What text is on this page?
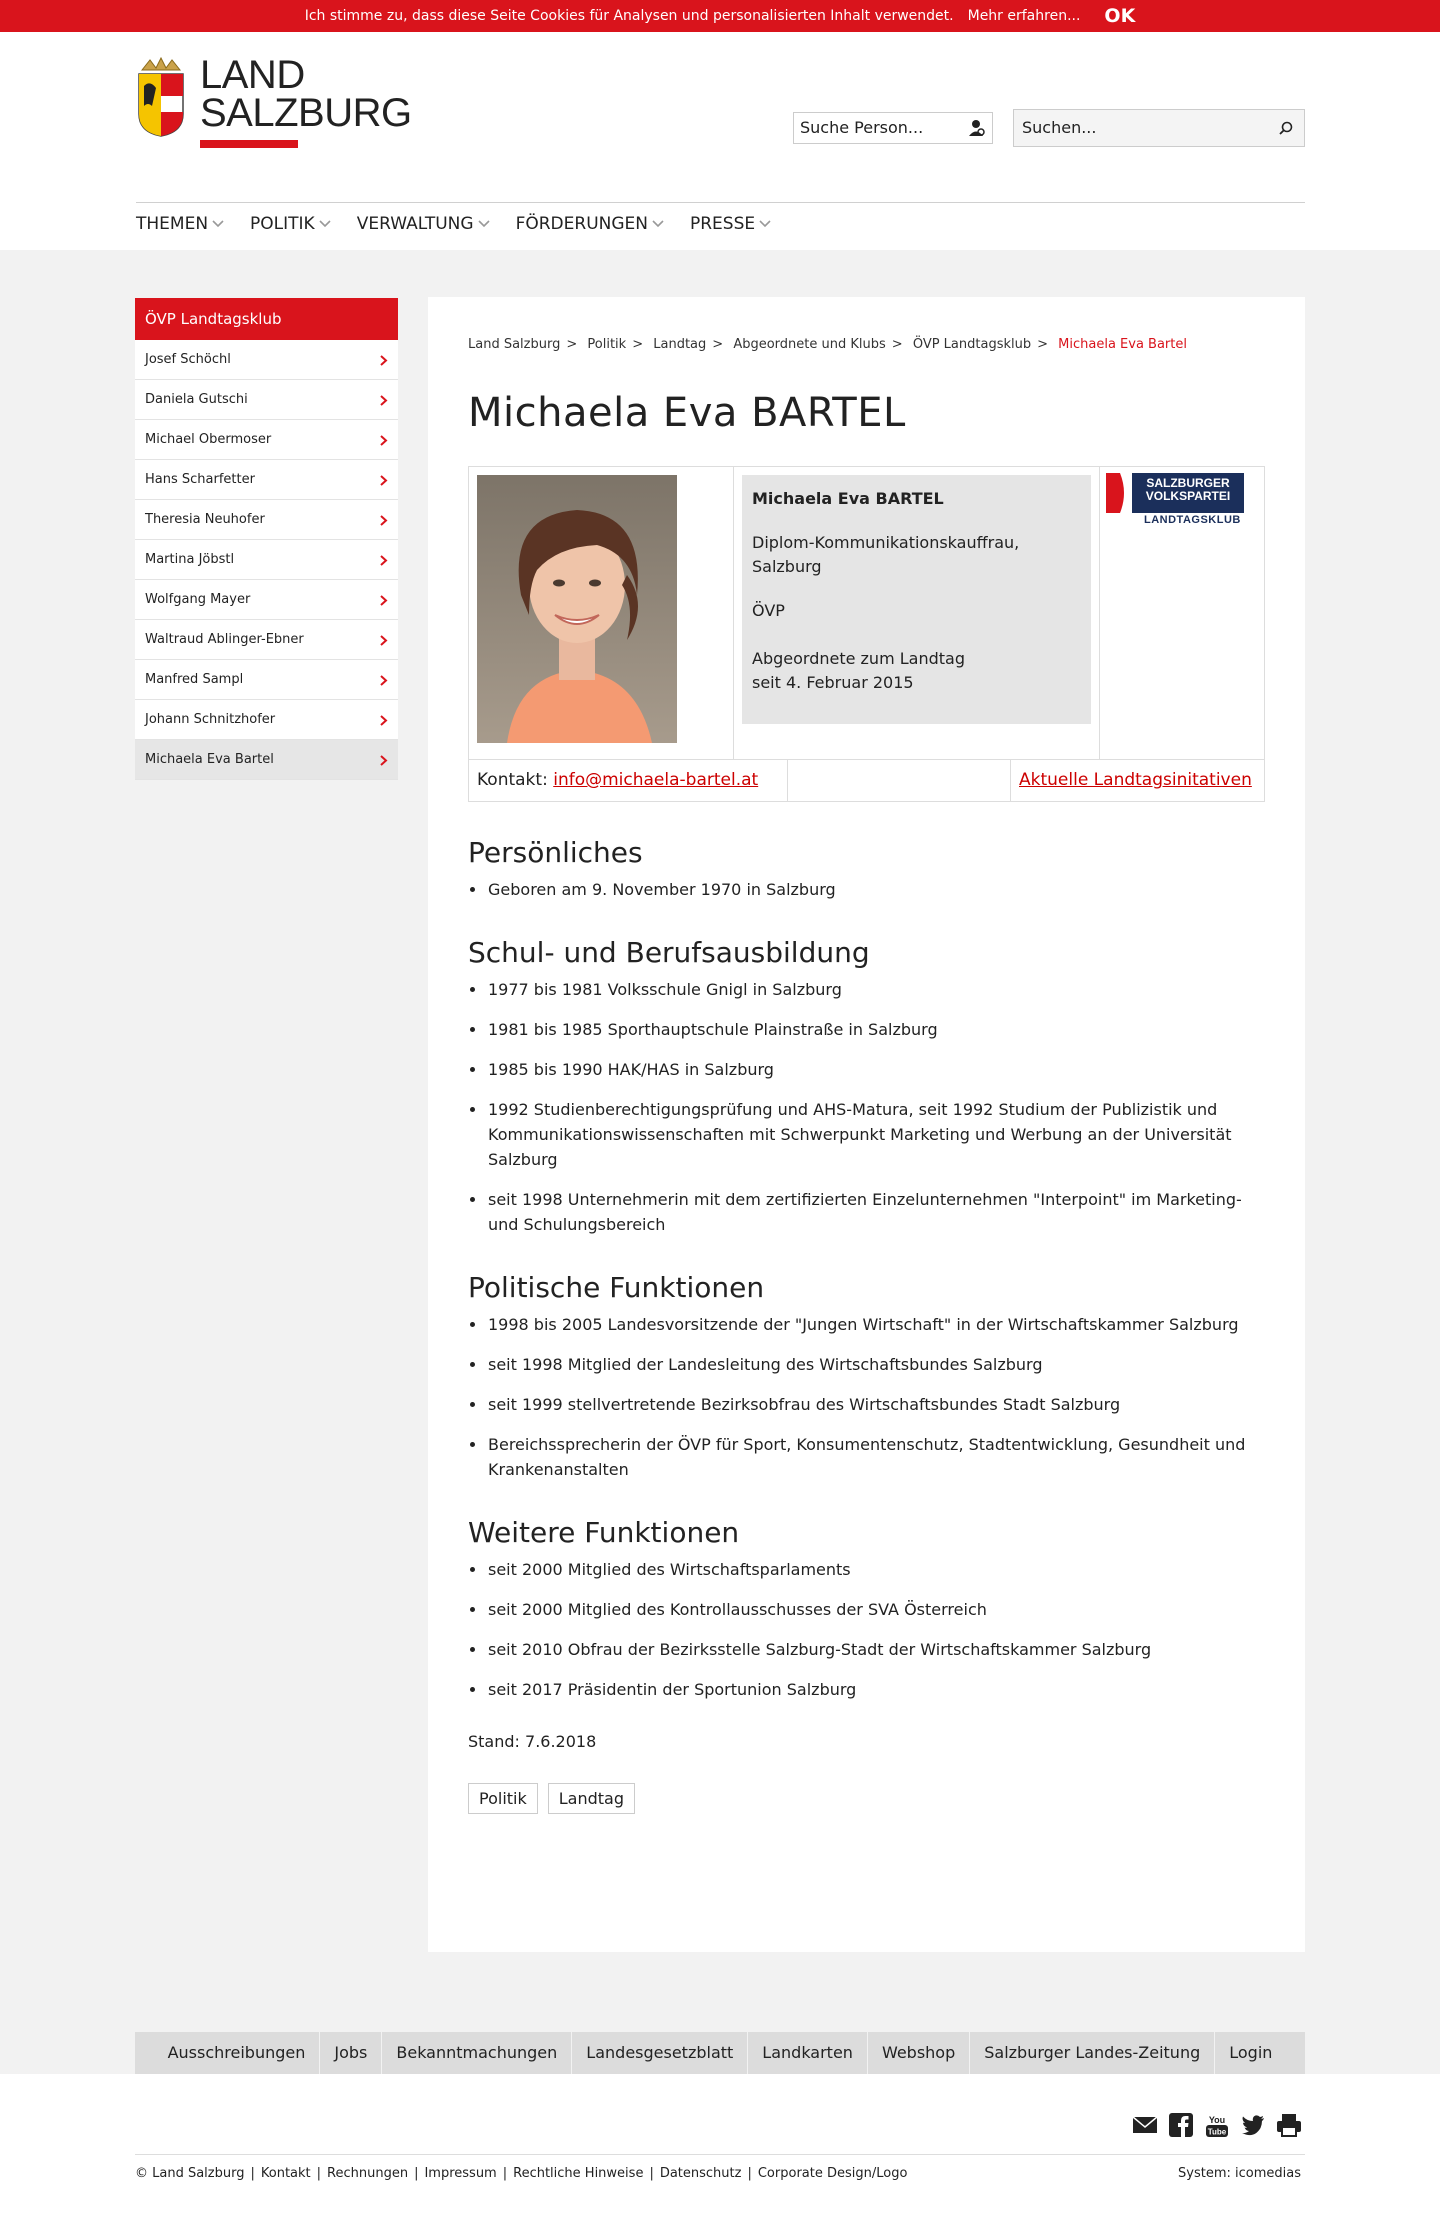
Ich stimme zu, dass diese Seite Cookies für Analysen und personalisierten Inhalt verwendet. Mehr erfahren... OK
LAND
SALZBURG	Suche Person...	Suchen...
THEMEN POLITIK VERWALTUNG FÖRDERUNGEN PRESSE
ÖVP Landtagsklub
Josef Schöchl
Daniela Gutschi
Michael Obermoser
Hans Scharfetter
Theresia Neuhofer
Martina Jöbstl
Wolfgang Mayer
Waltraud Ablinger-Ebner
Manfred Sampl
Johann Schnitzhofer
Michaela Eva Bartel
Land Salzburg > Politik > Landtag > Abgeordnete und Klubs > ÖVP Landtagsklub > Michaela Eva Bartel
Michaela Eva BARTEL

Michaela Eva BARTEL

Diplom-Kommunikationskauffrau, Salzburg

ÖVP

Abgeordnete zum Landtag
seit 4. Februar 2015
SALZBURGER
VOLKSPARTEI
LANDTAGSKLUB
Kontakt: info@michaela-bartel.at	Aktuelle Landtagsinitativen
Persönliches
Geboren am 9. November 1970 in Salzburg
Schul- und Berufsausbildung
1977 bis 1981 Volksschule Gnigl in Salzburg
1981 bis 1985 Sporthauptschule Plainstraße in Salzburg
1985 bis 1990 HAK/HAS in Salzburg
1992 Studienberechtigungsprüfung und AHS-Matura, seit 1992 Studium der Publizistik und Kommunikationswissenschaften mit Schwerpunkt Marketing und Werbung an der Universität Salzburg
seit 1998 Unternehmerin mit dem zertifizierten Einzelunternehmen "Interpoint" im Marketing- und Schulungsbereich
Politische Funktionen
1998 bis 2005 Landesvorsitzende der "Jungen Wirtschaft" in der Wirtschaftskammer Salzburg
seit 1998 Mitglied der Landesleitung des Wirtschaftsbundes Salzburg
seit 1999 stellvertretende Bezirksobfrau des Wirtschaftsbundes Stadt Salzburg
Bereichssprecherin der ÖVP für Sport, Konsumentenschutz, Stadtentwicklung, Gesundheit und Krankenanstalten
Weitere Funktionen
seit 2000 Mitglied des Wirtschaftsparlaments
seit 2000 Mitglied des Kontrollausschusses der SVA Österreich
seit 2010 Obfrau der Bezirksstelle Salzburg-Stadt der Wirtschaftskammer Salzburg
seit 2017 Präsidentin der Sportunion Salzburg
Stand: 7.6.2018
Politik	Landtag
Ausschreibungen	Jobs	Bekanntmachungen	Landesgesetzblatt	Landkarten	Webshop	Salzburger Landes-Zeitung	Login
You
Tube
© Land Salzburg | Kontakt | Rechnungen | Impressum | Rechtliche Hinweise | Datenschutz | Corporate Design/Logo	System: icomedias
